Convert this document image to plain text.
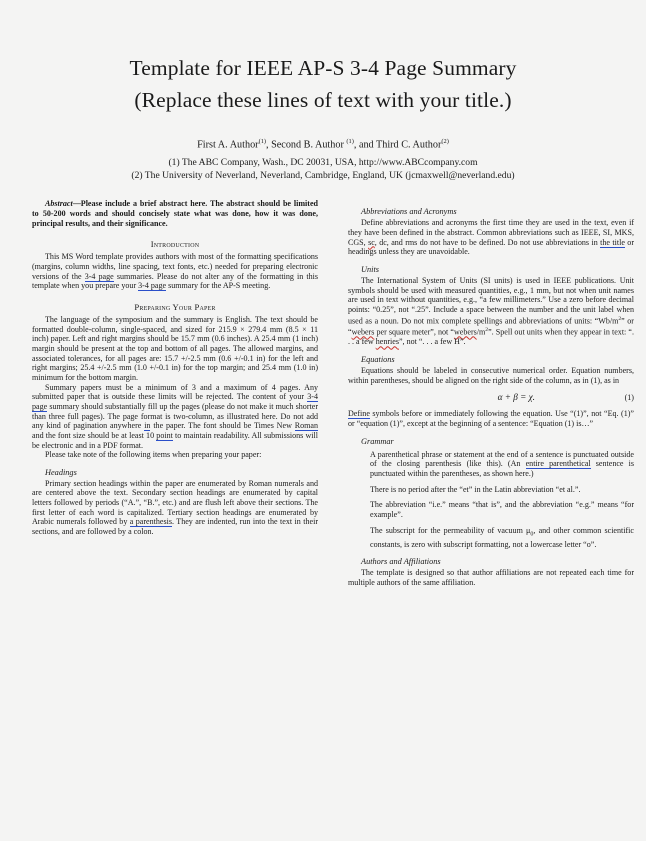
Template for IEEE AP-S 3-4 Page Summary
(Replace these lines of text with your title.)
First A. Author$^{(1)}$, Second B. Author $^{(1)}$, and Third C. Author$^{(2)}$
(1) The ABC Company, Wash., DC 20031, USA, http://www.ABCcompany.com
(2) The University of Neverland, Neverland, Cambridge, England, UK (jcmaxwell@neverland.edu)

Abstract—Please include a brief abstract here. The abstract should be limited to 50-200 words and should concisely state what was done, how it was done, principal results, and their significance.

Introduction

This MS Word template provides authors with most of the formatting specifications (margins, column widths, line spacing, text fonts, etc.) needed for preparing electronic versions of the 3-4 page summaries. Please do not alter any of the formatting in this template when you prepare your 3-4 page summary for the AP-S meeting.

Preparing Your Paper

The language of the symposium and the summary is English. The text should be formatted double-column, single-spaced, and sized for 215.9 × 279.4 mm (8.5 × 11 inch) paper. Left and right margins should be 15.7 mm (0.6 inches). A 25.4 mm (1 inch) margin should be present at the top and bottom of all pages. The allowed margins, and associated tolerances, for all pages are: 15.7 +/-2.5 mm (0.6 +/-0.1 in) for the left and right margins; 25.4 +/-2.5 mm (1.0 +/-0.1 in) for the top margin; and 25.4 mm (1.0 in) minimum for the bottom margin.

Summary papers must be a minimum of 3 and a maximum of 4 pages. Any submitted paper that is outside these limits will be rejected. The content of your 3-4 page summary should substantially fill up the pages (please do not make it much shorter than three full pages). The page format is two-column, as illustrated here. Do not add any kind of pagination anywhere in the paper. The font should be Times New Roman and the font size should be at least 10 point to maintain readability. All submissions will be electronic and in a PDF format.

Please take note of the following items when preparing your paper:

Headings

Primary section headings within the paper are enumerated by Roman numerals and are centered above the text. Secondary section headings are enumerated by capital letters followed by periods (“A.”, “B.”, etc.) and are flush left above their sections. The first letter of each word is capitalized. Tertiary section headings are enumerated by Arabic numerals followed by a parenthesis. They are indented, run into the text in their sections, and are followed by a colon.

Abbreviations and Acronyms

Define abbreviations and acronyms the first time they are used in the text, even if they have been defined in the abstract. Common abbreviations such as IEEE, SI, MKS, CGS, sc, dc, and rms do not have to be defined. Do not use abbreviations in the title or headings unless they are unavoidable.

Units

The International System of Units (SI units) is used in IEEE publications. Unit symbols should be used with measured quantities, e.g., 1 mm, but not when unit names are used in text without quantities, e.g., “a few millimeters.” Use a zero before decimal points: “0.25”, not “.25”. Include a space between the number and the unit label when used as a noun. Do not mix complete spellings and abbreviations of units: “$Wb/m^2$” or “webers per square meter”, not “$webers/m^2$”. Spell out units when they appear in text: “. . . a few henries”, not “. . . a few H”.

Equations

Equations should be labeled in consecutive numerical order. Equation numbers, within parentheses, should be aligned on the right side of the column, as in (1), as in

α + β = χ.	(1)

Define symbols before or immediately following the equation. Use “(1)”, not “Eq. (1)” or “equation (1)”, except at the beginning of a sentence: “Equation (1) is…”

Grammar

A parenthetical phrase or statement at the end of a sentence is punctuated outside of the closing parenthesis (like this). (An entire parenthetical sentence is punctuated within the parentheses, as shown here.)

There is no period after the “et” in the Latin abbreviation “et al.”.

The abbreviation “i.e.” means “that is”, and the abbreviation “e.g.” means “for example”.

The subscript for the permeability of vacuum $\mu_0$, and other common scientific constants, is zero with subscript formatting, not a lowercase letter “o”.

Authors and Affiliations

The template is designed so that author affiliations are not repeated each time for multiple authors of the same affiliation.
